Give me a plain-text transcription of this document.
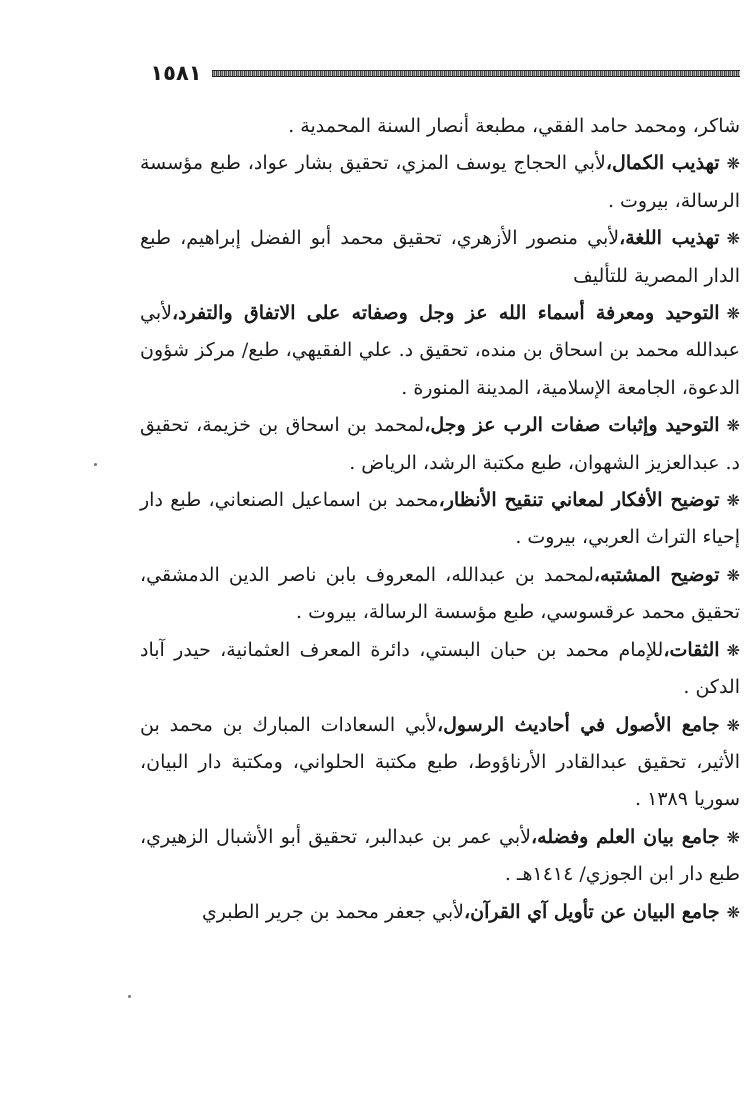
١٥٨١

شاكر، ومحمد حامد الفقي، مطبعة أنصار السنة المحمدية .

❋تهذيب الكمال،لأبي الحجاج يوسف المزي، تحقيق بشار عواد، طبع مؤسسة الرسالة، بيروت .

❋تهذيب اللغة،لأبي منصور الأزهري، تحقيق محمد أبو الفضل إبراهيم، طبع الدار المصرية للتأليف

❋التوحيد ومعرفة أسماء الله عز وجل وصفاته على الاتفاق والتفرد،لأبي عبدالله محمد بن اسحاق بن منده، تحقيق د. علي الفقيهي، طبع/ مركز شؤون الدعوة، الجامعة الإسلامية، المدينة المنورة .

❋التوحيد وإثبات صفات الرب عز وجل،لمحمد بن اسحاق بن خزيمة، تحقيق د. عبدالعزيز الشهوان، طبع مكتبة الرشد، الرياض .

❋توضيح الأفكار لمعاني تنقيح الأنظار،محمد بن اسماعيل الصنعاني، طبع دار إحياء التراث العربي، بيروت .

❋توضيح المشتبه،لمحمد بن عبدالله، المعروف بابن ناصر الدين الدمشقي، تحقيق محمد عرقسوسي، طبع مؤسسة الرسالة، بيروت .

❋الثقات،للإمام محمد بن حبان البستي، دائرة المعرف العثمانية، حيدر آباد الدكن .

❋جامع الأصول في أحاديث الرسول،لأبي السعادات المبارك بن محمد بن الأثير، تحقيق عبدالقادر الأرناؤوط، طبع مكتبة الحلواني، ومكتبة دار البيان، سوريا ١٣٨٩ .

❋جامع بيان العلم وفضله،لأبي عمر بن عبدالبر، تحقيق أبو الأشبال الزهيري، طبع دار ابن الجوزي/ ١٤١٤هـ .

❋جامع البيان عن تأويل آي القرآن،لأبي جعفر محمد بن جرير الطبري
